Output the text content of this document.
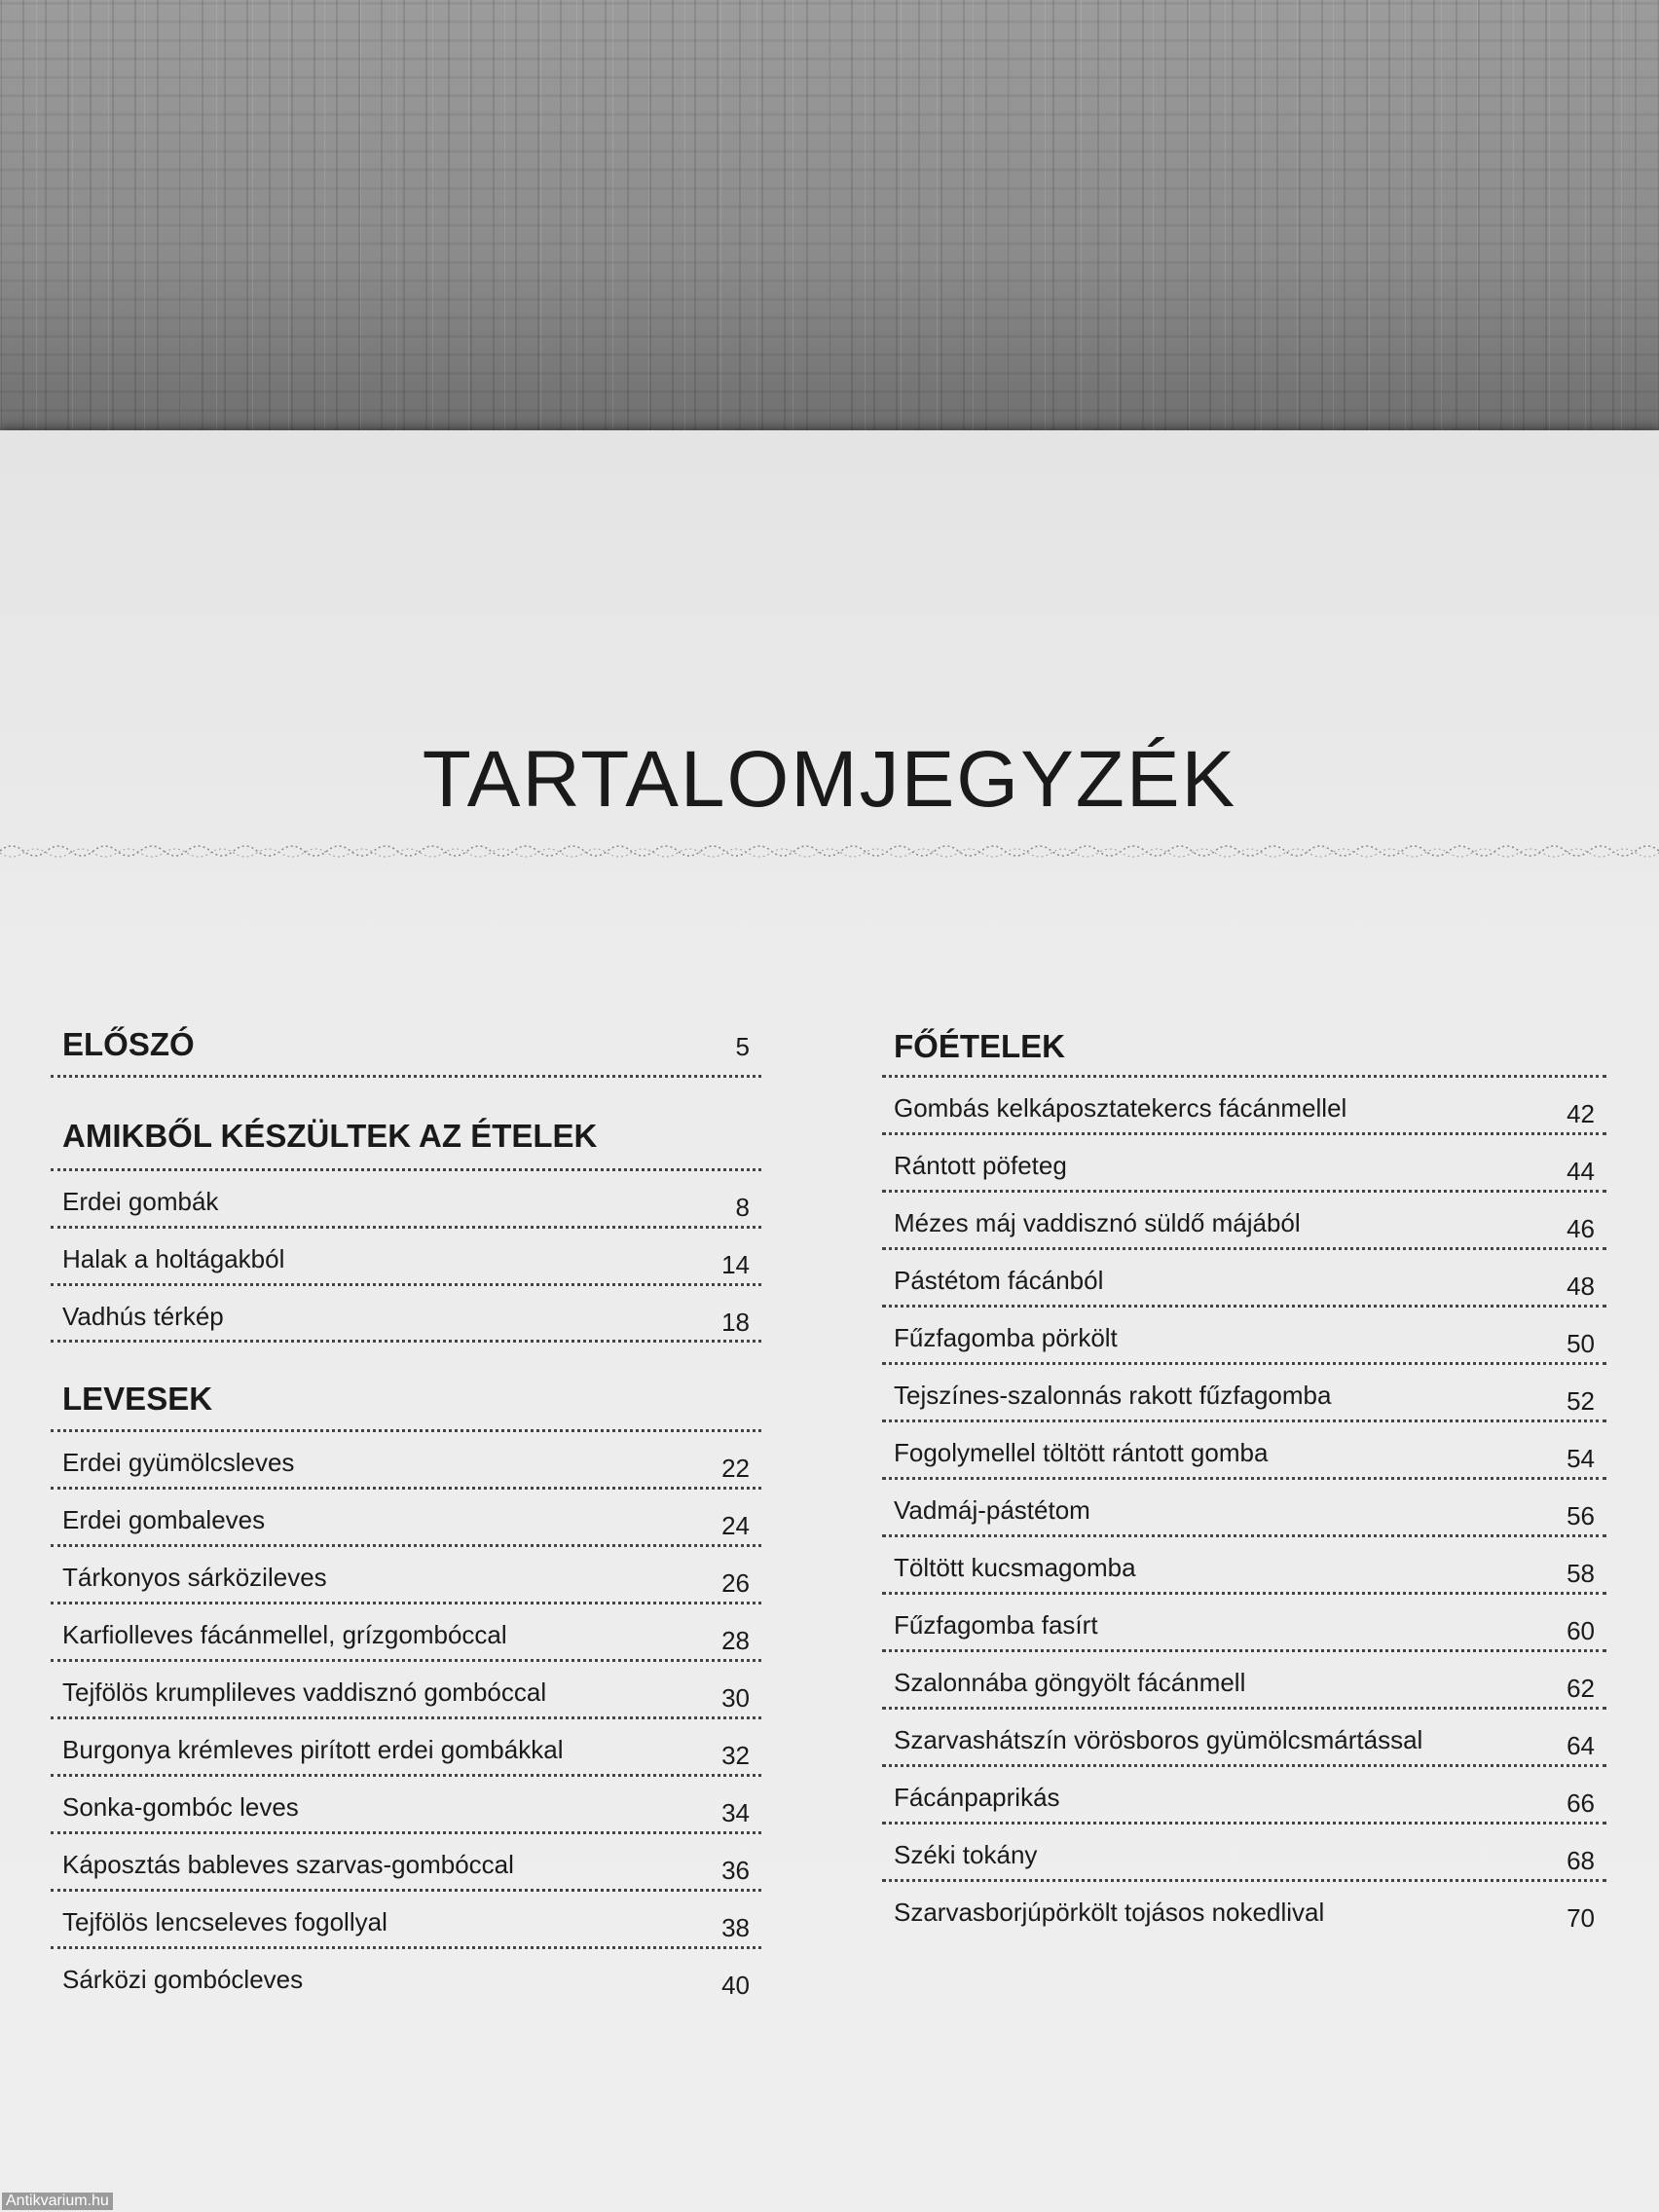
TARTALOMJEGYZÉK
ELŐSZÓ	5
AMIKBŐL KÉSZÜLTEK AZ ÉTELEK
Erdei gombák	8
Halak a holtágakból	14
Vadhús térkép	18
LEVESEK
Erdei gyümölcsleves	22
Erdei gombaleves	24
Tárkonyos sárközileves	26
Karfiolleves fácánmellel, grízgombóccal	28
Tejfölös krumplileves vaddisznó gombóccal	30
Burgonya krémleves pirított erdei gombákkal	32
Sonka-gombóc leves	34
Káposztás bableves szarvas-gombóccal	36
Tejfölös lencseleves fogollyal	38
Sárközi gombócleves	40
FŐÉTELEK
Gombás kelkáposztatekercs fácánmellel	42
Rántott pöfeteg	44
Mézes máj vaddisznó süldő májából	46
Pástétom fácánból	48
Fűzfagomba pörkölt	50
Tejszínes-szalonnás rakott fűzfagomba	52
Fogolymellel töltött rántott gomba	54
Vadmáj-pástétom	56
Töltött kucsmagomba	58
Fűzfagomba fasírt	60
Szalonnába göngyölt fácánmell	62
Szarvashátszín vörösboros gyümölcsmártással	64
Fácánpaprikás	66
Széki tokány	68
Szarvasborjúpörkölt tojásos nokedlival	70
Antikvarium.hu
